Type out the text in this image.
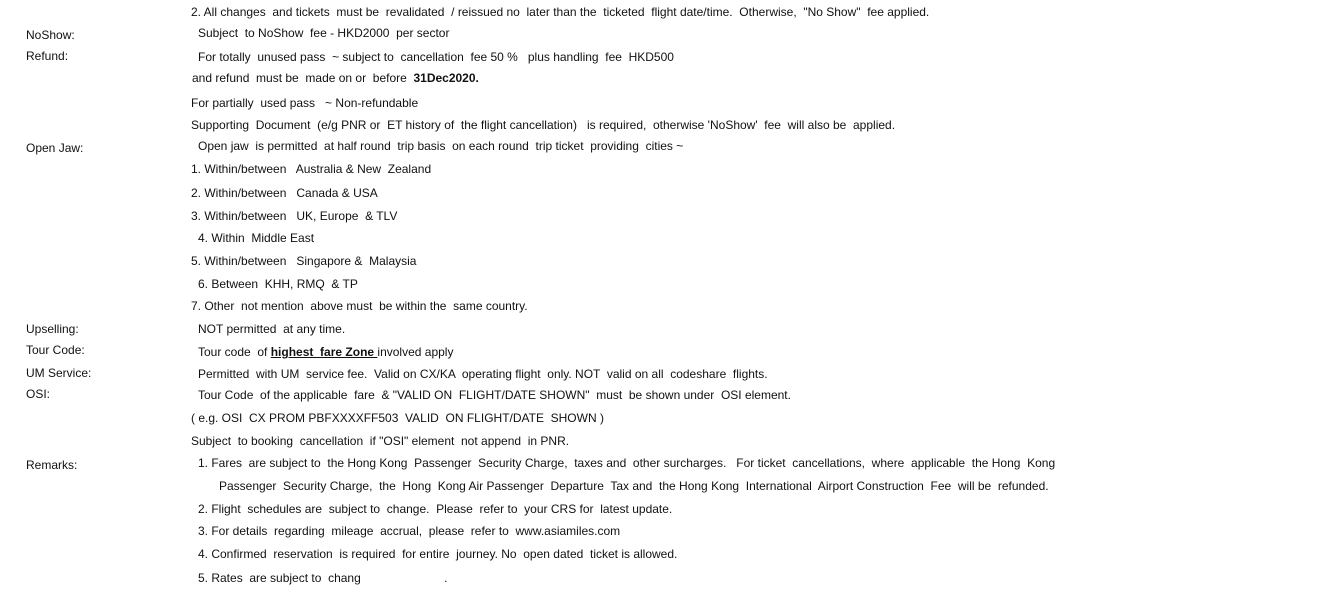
2. All changes  and tickets  must be  revalidated  / reissued no  later than the  ticketed  flight date/time.  Otherwise,  "No Show"  fee applied.
NoShow:	Subject  to NoShow  fee - HKD2000  per sector
Refund:	For totally  unused pass  ~ subject to  cancellation  fee 50 %   plus handling  fee  HKD500
and refund  must be  made on or  before  31Dec2020.
For partially  used pass   ~ Non-refundable
Supporting  Document  (e/g PNR or  ET history of  the flight cancellation)   is required,  otherwise 'NoShow'  fee  will also be  applied.
Open Jaw:	Open jaw  is permitted  at half round  trip basis  on each round  trip ticket  providing  cities ~
1. Within/between   Australia & New  Zealand
2. Within/between   Canada & USA
3. Within/between   UK, Europe  & TLV
4. Within  Middle East
5. Within/between   Singapore &  Malaysia
6. Between  KHH, RMQ  & TP
7. Other  not mention  above must  be within the  same country.
Upselling:	NOT permitted  at any time.
Tour Code:	Tour code  of highest  fare Zone involved apply
UM Service:	Permitted  with UM  service fee.  Valid on CX/KA  operating flight  only. NOT  valid on all  codeshare  flights.
OSI:	Tour Code  of the applicable  fare  & "VALID ON  FLIGHT/DATE SHOWN"  must  be shown under  OSI element.
( e.g. OSI  CX PROM PBFXXXXFF503  VALID  ON FLIGHT/DATE  SHOWN )
Subject  to booking  cancellation  if "OSI" element  not append  in PNR.
Remarks:	1. Fares  are subject to  the Hong Kong  Passenger  Security Charge,  taxes and  other surcharges.   For ticket  cancellations,  where  applicable  the Hong  Kong
Passenger  Security Charge,  the  Hong  Kong Air Passenger  Departure  Tax and  the Hong Kong  International  Airport Construction  Fee  will be  refunded.
2. Flight  schedules are  subject to  change.  Please  refer to  your CRS for  latest update.
3. For details  regarding  mileage  accrual,  please  refer to  www.asiamiles.com
4. Confirmed  reservation  is required  for entire  journey. No  open dated  ticket is allowed.
5. Rates  are subject to  chang                         .
